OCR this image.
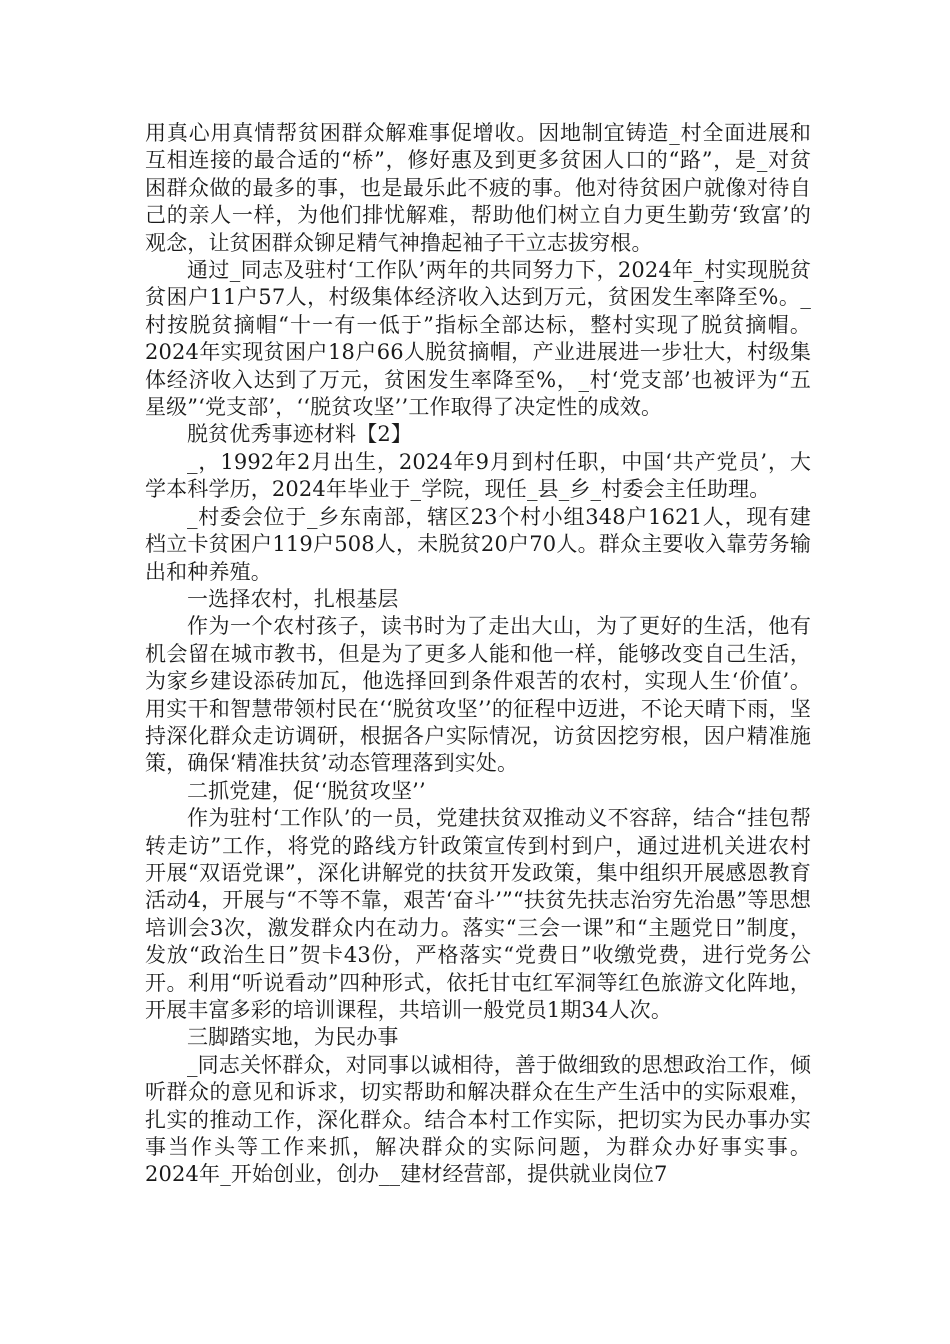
用真心用真情帮贫困群众解难事促增收。因地制宜铸造_村全面进展和互相连接的最合适的“桥”，修好惠及到更多贫困人口的“路”，是_对贫困群众做的最多的事，也是最乐此不疲的事。他对待贫困户就像对待自己的亲人一样，为他们排忧解难，帮助他们树立自力更生勤劳‘致富’的观念，让贫困群众铆足精气神撸起袖子干立志拔穷根。

通过_同志及驻村‘工作队’两年的共同努力下，2024年_村实现脱贫贫困户11户57人，村级集体经济收入达到万元，贫困发生率降至%。_村按脱贫摘帽“十一有一低于”指标全部达标，整村实现了脱贫摘帽。2024年实现贫困户18户66人脱贫摘帽，产业进展进一步壮大，村级集体经济收入达到了万元，贫困发生率降至%，_村‘党支部’也被评为“五星级”‘党支部’，‘‘脱贫攻坚’’工作取得了决定性的成效。

脱贫优秀事迹材料【2】

_，1992年2月出生，2024年9月到村任职，中国‘共产党员’，大学本科学历，2024年毕业于_学院，现任_县_乡_村委会主任助理。

_村委会位于_乡东南部，辖区23个村小组348户1621人，现有建档立卡贫困户119户508人，未脱贫20户70人。群众主要收入靠劳务输出和种养殖。

一选择农村，扎根基层

作为一个农村孩子，读书时为了走出大山，为了更好的生活，他有机会留在城市教书，但是为了更多人能和他一样，能够改变自己生活，为家乡建设添砖加瓦，他选择回到条件艰苦的农村，实现人生‘价值’。用实干和智慧带领村民在‘‘脱贫攻坚’’的征程中迈进，不论天晴下雨，坚持深化群众走访调研，根据各户实际情况，访贫因挖穷根，因户精准施策，确保‘精准扶贫’动态管理落到实处。

二抓党建，促‘‘脱贫攻坚’’

作为驻村‘工作队’的一员，党建扶贫双推动义不容辞，结合“挂包帮转走访”工作，将党的路线方针政策宣传到村到户，通过进机关进农村开展“双语党课”，深化讲解党的扶贫开发政策，集中组织开展感恩教育活动4，开展与“不等不靠，艰苦‘奋斗’”“扶贫先扶志治穷先治愚”等思想培训会3次，激发群众内在动力。落实“三会一课”和“主题党日”制度，发放“政治生日”贺卡43份，严格落实“党费日”收缴党费，进行党务公开。利用“听说看动”四种形式，依托甘屯红军洞等红色旅游文化阵地，开展丰富多彩的培训课程，共培训一般党员1期34人次。

三脚踏实地，为民办事

_同志关怀群众，对同事以诚相待，善于做细致的思想政治工作，倾听群众的意见和诉求，切实帮助和解决群众在生产生活中的实际艰难，扎实的推动工作，深化群众。结合本村工作实际，把切实为民办事办实事当作头等工作来抓，解决群众的实际问题，为群众办好事实事。2024年_开始创业，创办__建材经营部，提供就业岗位7
